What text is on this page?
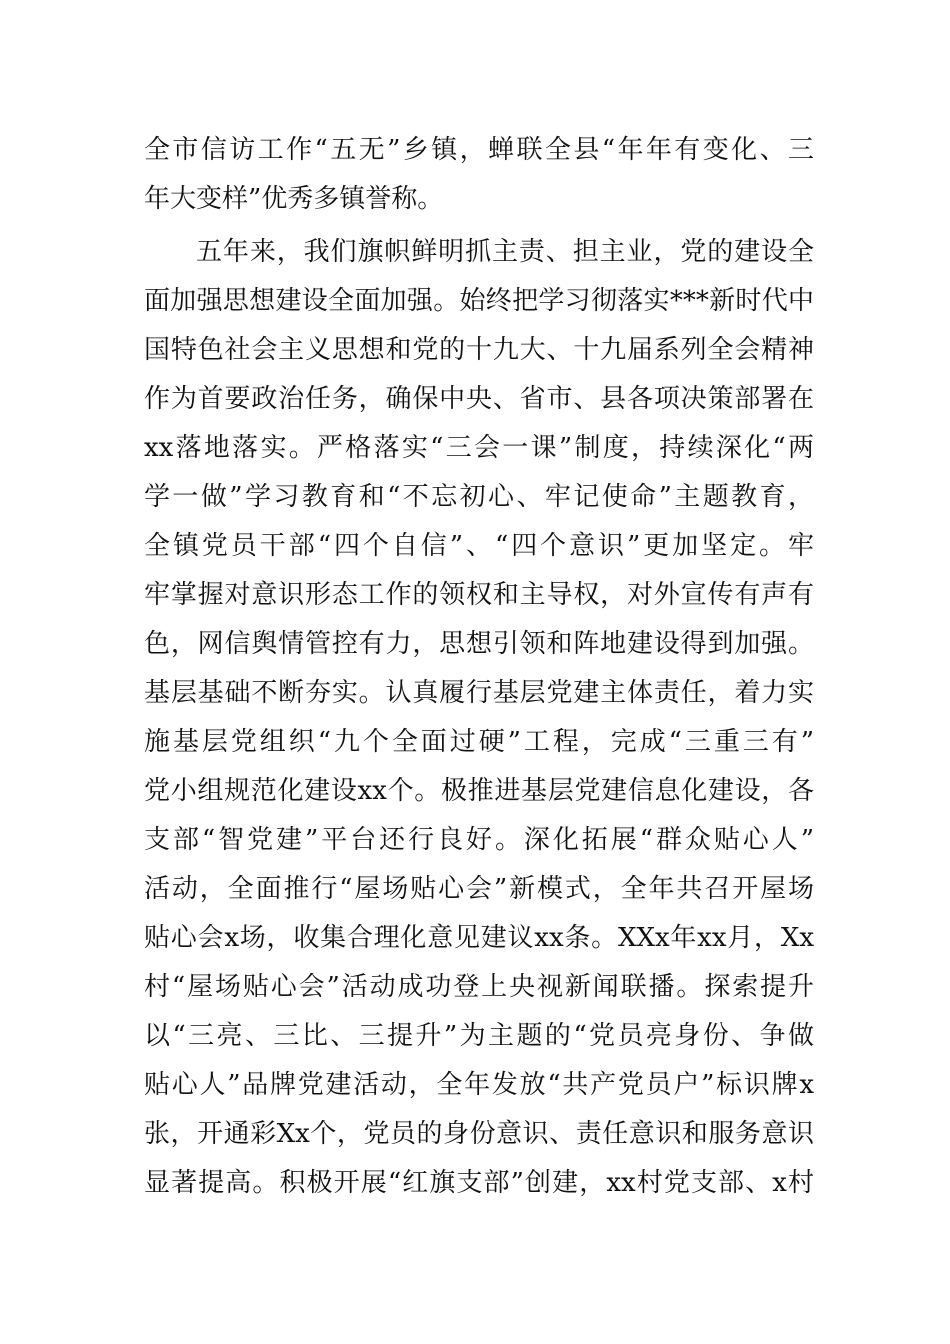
全市信访工作“五无”乡镇，蝉联全县“年年有变化、三
年大变样”优秀多镇誉称。
五年来，我们旗帜鲜明抓主责、担主业，党的建设全
面加强思想建设全面加强。始终把学习彻落实***新时代中
国特色社会主义思想和党的十九大、十九届系列全会精神
作为首要政治任务，确保中央、省市、县各项决策部署在
xx落地落实。严格落实“三会一课”制度，持续深化“两
学一做”学习教育和“不忘初心、牢记使命”主题教育，
全镇党员干部“四个自信”、“四个意识”更加坚定。牢
牢掌握对意识形态工作的领权和主导权，对外宣传有声有
色，网信舆情管控有力，思想引领和阵地建设得到加强。
基层基础不断夯实。认真履行基层党建主体责任，着力实
施基层党组织“九个全面过硬”工程，完成“三重三有”
党小组规范化建设xx个。极推进基层党建信息化建设，各
支部“智党建”平台还行良好。深化拓展“群众贴心人”
活动，全面推行“屋场贴心会”新模式，全年共召开屋场
贴心会x场，收集合理化意见建议xx条。XXx年xx月，Xx
村“屋场贴心会”活动成功登上央视新闻联播。探索提升
以“三亮、三比、三提升”为主题的“党员亮身份、争做
贴心人”品牌党建活动，全年发放“共产党员户”标识牌x
张，开通彩Xx个，党员的身份意识、责任意识和服务意识
显著提高。积极开展“红旗支部”创建，xx村党支部、x村
